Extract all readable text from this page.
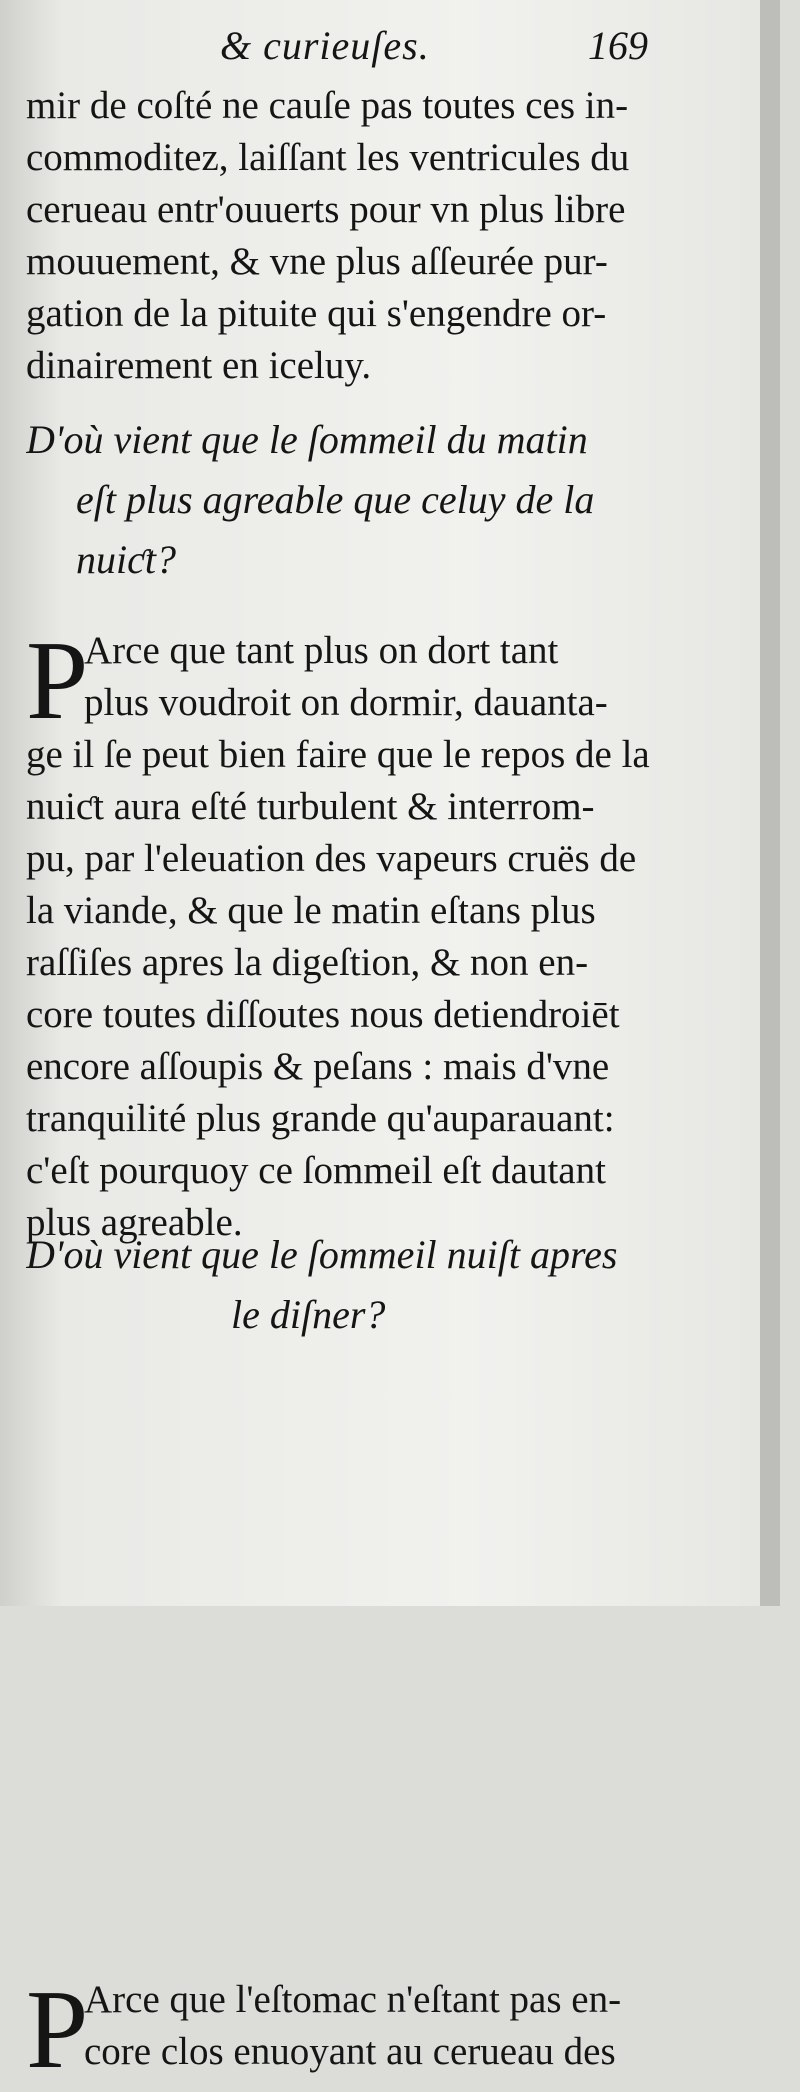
& curieuſes.	169
mir de coſté ne cauſe pas toutes ces in-
commoditez, laiſſant les ventricules du
cerueau entr'ouuerts pour vn plus libre
mouuement, & vne plus aſſeurée pur-
gation de la pituite qui s'engendre or-
dinairement en iceluy.
D'où vient que le ſommeil du matin
eſt plus agreable que celuy de la
nuiƈt?
P
Arce que tant plus on dort tant
plus voudroit on dormir, dauanta-
ge il ſe peut bien faire que le repos de la
nuiƈt aura eſté turbulent & interrom-
pu, par l'eleuation des vapeurs cruës de
la viande, & que le matin eſtans plus
raſſiſes apres la digeſtion, & non en-
core toutes diſſoutes nous detiendroiēt
encore aſſoupis & peſans : mais d'vne
tranquilité plus grande qu'auparauant:
c'eſt pourquoy ce ſommeil eſt dautant
plus agreable.
D'où vient que le ſommeil nuiſt apres
le diſner?
P
Arce que l'eſtomac n'eſtant pas en-
core clos enuoyant au cerueau des
